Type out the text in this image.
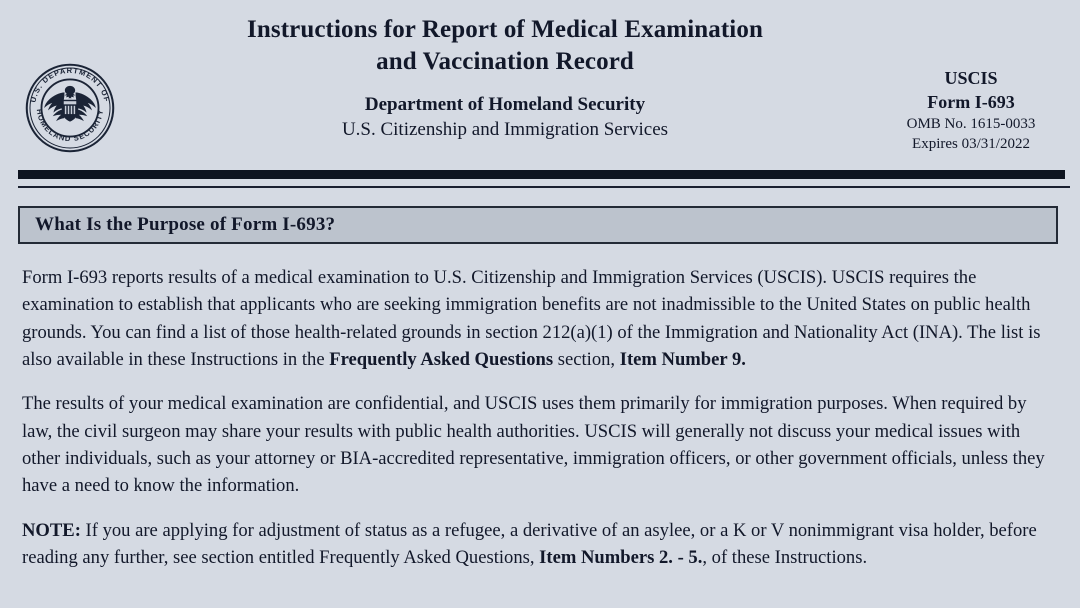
U.S. DEPARTMENT OF
HOMELAND SECURITY
Instructions for Report of Medical Examination
and Vaccination Record
Department of Homeland Security
U.S. Citizenship and Immigration Services
USCIS
Form I-693
OMB No. 1615-0033
Expires 03/31/2022
What Is the Purpose of Form I-693?

Form I-693 reports results of a medical examination to U.S. Citizenship and Immigration Services (USCIS). USCIS requires the examination to establish that applicants who are seeking immigration benefits are not inadmissible to the United States on public health grounds. You can find a list of those health-related grounds in section 212(a)(1) of the Immigration and Nationality Act (INA). The list is also available in these Instructions in the Frequently Asked Questions section, Item Number 9.

The results of your medical examination are confidential, and USCIS uses them primarily for immigration purposes. When required by law, the civil surgeon may share your results with public health authorities. USCIS will generally not discuss your medical issues with other individuals, such as your attorney or BIA-accredited representative, immigration officers, or other government officials, unless they have a need to know the information.

NOTE: If you are applying for adjustment of status as a refugee, a derivative of an asylee, or a K or V nonimmigrant visa holder, before reading any further, see section entitled Frequently Asked Questions, Item Numbers 2. - 5., of these Instructions.
